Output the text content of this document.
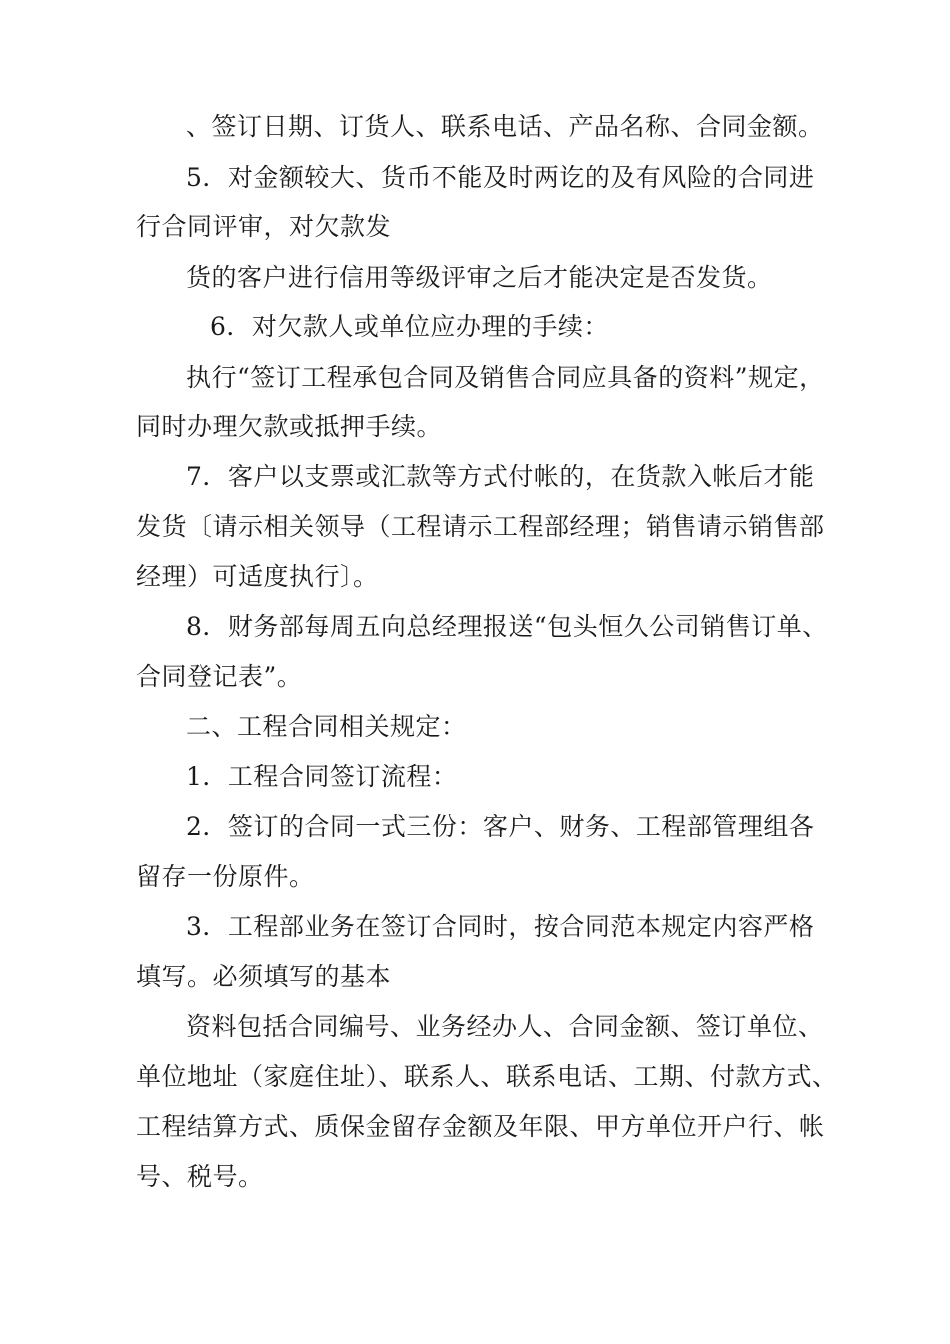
、签订日期、订货人、联系电话、产品名称、合同金额。
5．对金额较大、货币不能及时两讫的及有风险的合同进
行合同评审，对欠款发
货的客户进行信用等级评审之后才能决定是否发货。
6．对欠款人或单位应办理的手续：
执行“签订工程承包合同及销售合同应具备的资料”规定，
同时办理欠款或抵押手续。
7．客户以支票或汇款等方式付帐的，在货款入帐后才能
发货〔请示相关领导（工程请示工程部经理；销售请示销售部
经理）可适度执行〕。
8．财务部每周五向总经理报送“包头恒久公司销售订单、
合同登记表”。
二、工程合同相关规定：
1．工程合同签订流程：
2．签订的合同一式三份：客户、财务、工程部管理组各
留存一份原件。
3．工程部业务在签订合同时，按合同范本规定内容严格
填写。必须填写的基本
资料包括合同编号、业务经办人、合同金额、签订单位、
单位地址（家庭住址）、联系人、联系电话、工期、付款方式、
工程结算方式、质保金留存金额及年限、甲方单位开户行、帐
号、税号。
